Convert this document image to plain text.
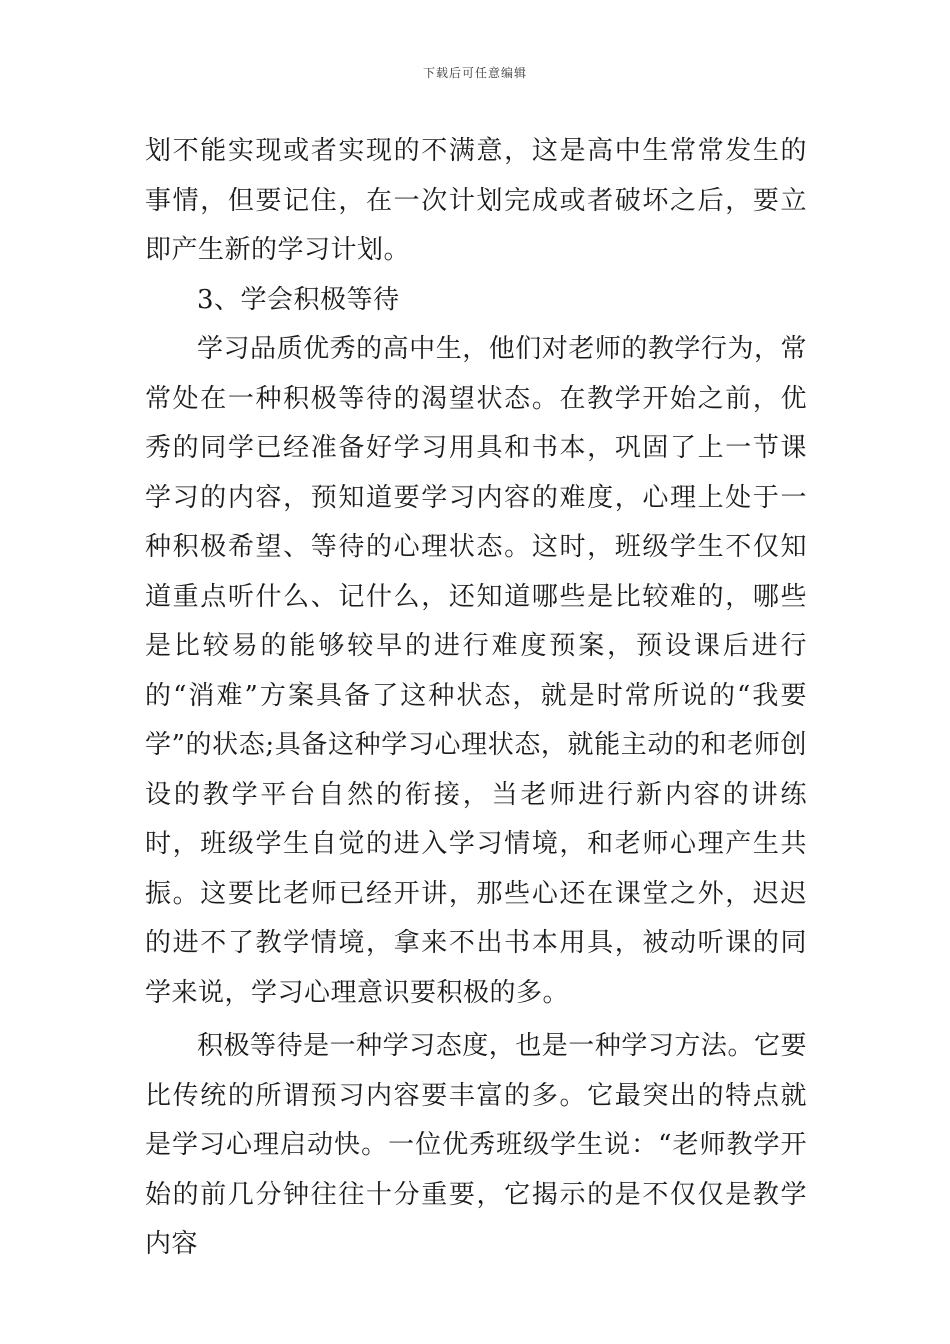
下载后可任意编辑

划不能实现或者实现的不满意，这是高中生常常发生的事情，但要记住，在一次计划完成或者破坏之后，要立即产生新的学习计划。

3、学会积极等待

学习品质优秀的高中生，他们对老师的教学行为，常常处在一种积极等待的渴望状态。在教学开始之前，优秀的同学已经准备好学习用具和书本，巩固了上一节课学习的内容，预知道要学习内容的难度，心理上处于一种积极希望、等待的心理状态。这时，班级学生不仅知道重点听什么、记什么，还知道哪些是比较难的，哪些是比较易的能够较早的进行难度预案，预设课后进行的“消难”方案具备了这种状态，就是时常所说的“我要学”的状态;具备这种学习心理状态，就能主动的和老师创设的教学平台自然的衔接，当老师进行新内容的讲练时，班级学生自觉的进入学习情境，和老师心理产生共振。这要比老师已经开讲，那些心还在课堂之外，迟迟的进不了教学情境，拿来不出书本用具，被动听课的同学来说，学习心理意识要积极的多。

积极等待是一种学习态度，也是一种学习方法。它要比传统的所谓预习内容要丰富的多。它最突出的特点就是学习心理启动快。一位优秀班级学生说：“老师教学开始的前几分钟往往十分重要，它揭示的是不仅仅是教学内容
